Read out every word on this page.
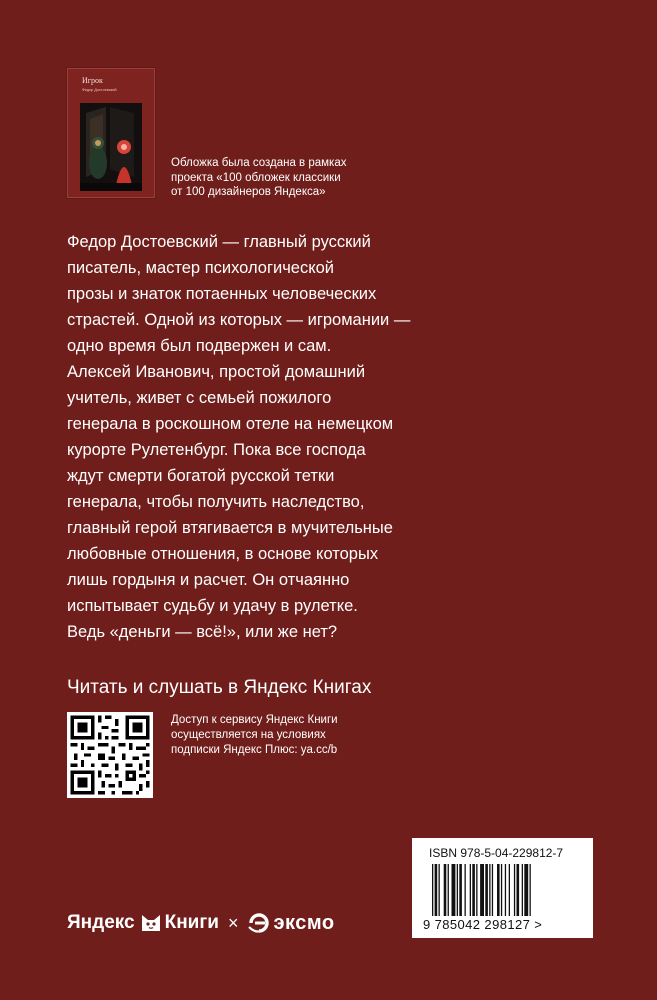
Игрок
Федор Достоевский
Обложка была создана в рамках
проекта «100 обложек классики
от 100 дизайнеров Яндекса»

Федор Достоевский — главный русский

писатель, мастер психологической

прозы и знаток потаенных человеческих

страстей. Одной из которых — игромании —

одно время был подвержен и сам.

Алексей Иванович, простой домашний

учитель, живет с семьей пожилого

генерала в роскошном отеле на немецком

курорте Рулетенбург. Пока все господа

ждут смерти богатой русской тетки

генерала, чтобы получить наследство,

главный герой втягивается в мучительные

любовные отношения, в основе которых

лишь гордыня и расчет. Он отчаянно

испытывает судьбу и удачу в рулетке.

Ведь «деньги — всё!», или же нет?

Читать и слушать в Яндекс Книгах
Доступ к сервису Яндекс Книги
осуществляется на условиях
подписки Яндекс Плюс: ya.cc/b
ISBN 978-5-04-229812-7
9 785042 298127 >
Яндекс Книги × эксмо
